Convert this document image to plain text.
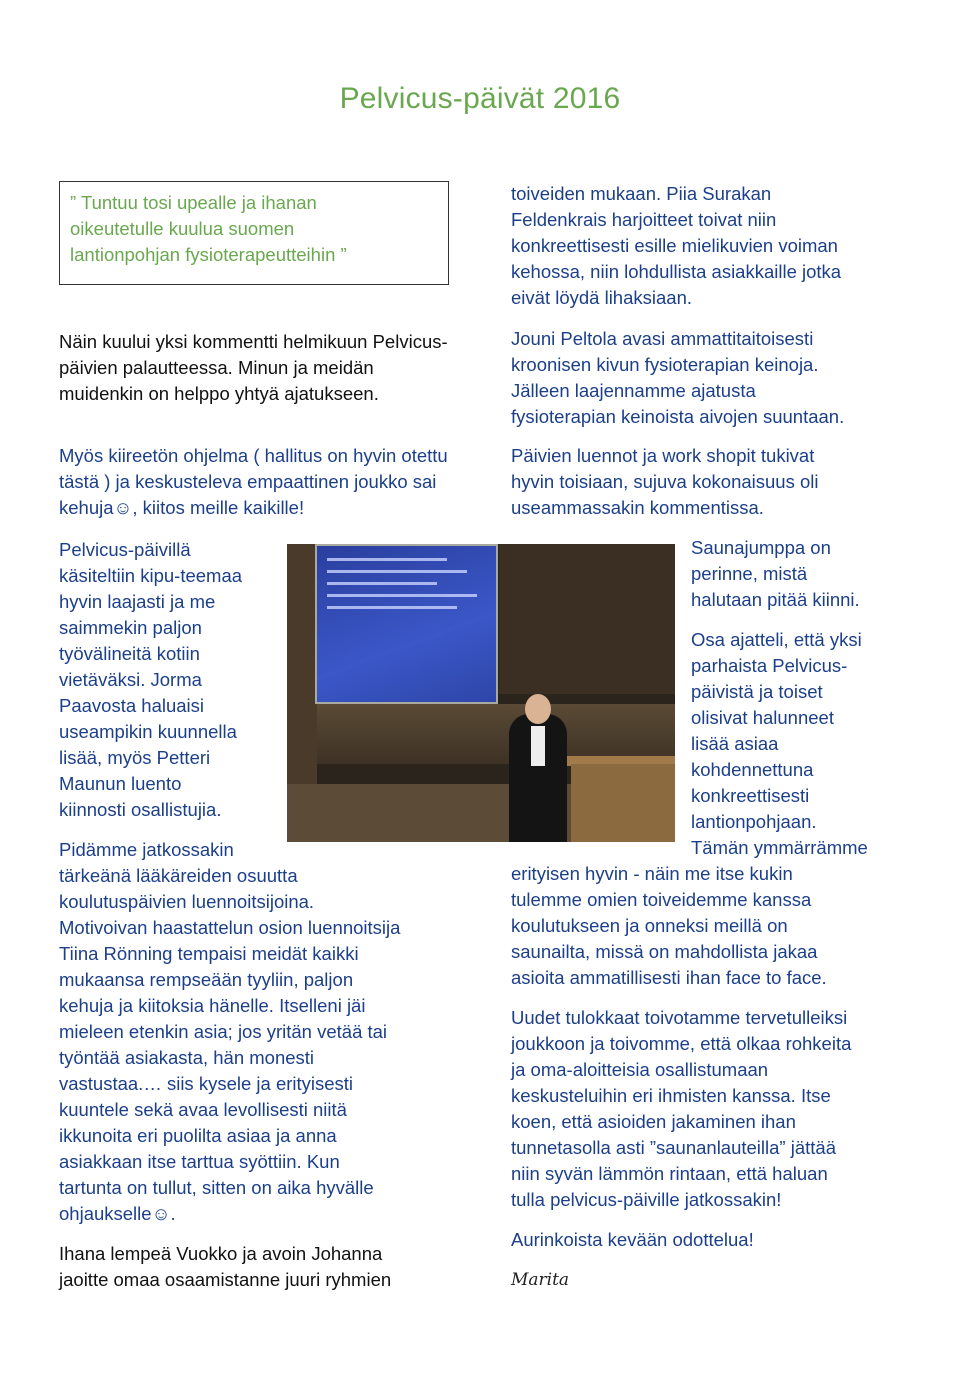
Pelvicus-päivät 2016
” Tuntuu tosi upealle ja ihanan
oikeutetulle kuulua suomen
lantionpohjan fysioterapeutteihin ”

Näin kuului yksi kommentti helmikuun Pelvicus-päivien palautteessa. Minun ja meidän muidenkin on helppo yhtyä ajatukseen.

Myös kiireetön ohjelma ( hallitus on hyvin otettu tästä ) ja keskusteleva empaattinen joukko sai kehuja☺, kiitos meille kaikille!

Pelvicus-päivillä
käsiteltiin kipu-teemaa
hyvin laajasti ja me
saimmekin paljon
työvälineitä kotiin
vietäväksi. Jorma
Paavosta haluaisi
useampikin kuunnella
lisää, myös Petteri
Maunun luento
kiinnosti osallistujia.

Pidämme jatkossakin
tärkeänä lääkäreiden osuutta
koulutuspäivien luennoitsijoina.
Motivoivan haastattelun osion luennoitsija
Tiina Rönning tempaisi meidät kaikki
mukaansa rempseään tyyliin, paljon
kehuja ja kiitoksia hänelle. Itselleni jäi
mieleen etenkin asia; jos yritän vetää tai
työntää asiakasta, hän monesti
vastustaa.… siis kysele ja erityisesti
kuuntele sekä avaa levollisesti niitä
ikkunoita eri puolilta asiaa ja anna
asiakkaan itse tarttua syöttiin. Kun
tartunta on tullut, sitten on aika hyvälle
ohjaukselle☺.

Ihana lempeä Vuokko ja avoin Johanna
jaoitte omaa osaamistanne juuri ryhmien

toiveiden mukaan. Piia Surakan
Feldenkrais harjoitteet toivat niin
konkreettisesti esille mielikuvien voiman
kehossa, niin lohdullista asiakkaille jotka
eivät löydä lihaksiaan.

Jouni Peltola avasi ammattitaitoisesti
kroonisen kivun fysioterapian keinoja.
Jälleen laajennamme ajatusta
fysioterapian keinoista aivojen suuntaan.

Päivien luennot ja work shopit tukivat
hyvin toisiaan, sujuva kokonaisuus oli
useammassakin kommentissa.

Saunajumppa on
perinne, mistä
halutaan pitää kiinni.

Osa ajatteli, että yksi
parhaista Pelvicus-
päivistä ja toiset
olisivat halunneet
lisää asiaa
kohdennettuna
konkreettisesti
lantionpohjaan.
Tämän ymmärrämme

erityisen hyvin - näin me itse kukin
tulemme omien toiveidemme kanssa
koulutukseen ja onneksi meillä on
saunailta, missä on mahdollista jakaa
asioita ammatillisesti ihan face to face.

Uudet tulokkaat toivotamme tervetulleiksi
joukkoon ja toivomme, että olkaa rohkeita
ja oma-aloitteisia osallistumaan
keskusteluihin eri ihmisten kanssa. Itse
koen, että asioiden jakaminen ihan
tunnetasolla asti ”saunanlauteilla” jättää
niin syvän lämmön rintaan, että haluan
tulla pelvicus-päiville jatkossakin!

Aurinkoista kevään odottelua!

Marita
